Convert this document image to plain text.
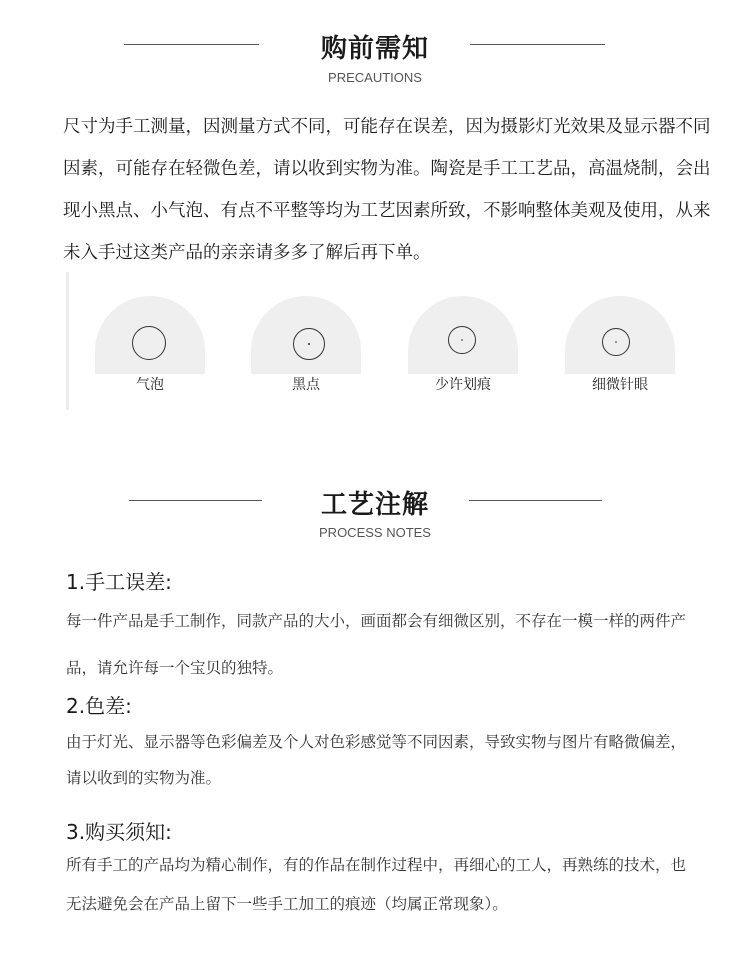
购前需知
PRECAUTIONS

尺寸为手工测量，因测量方式不同，可能存在误差，因为摄影灯光效果及显示器不同因素，可能存在轻微色差，请以收到实物为准。陶瓷是手工工艺品，高温烧制，会出现小黑点、小气泡、有点不平整等均为工艺因素所致，不影响整体美观及使用，从来未入手过这类产品的亲亲请多多了解后再下单。

气泡	黑点	少许划痕	细微针眼
工艺注解
PROCESS NOTES
1.手工误差:

每一件产品是手工制作，同款产品的大小，画面都会有细微区别，不存在一模一样的两件产品，请允许每一个宝贝的独特。

2.色差:

由于灯光、显示器等色彩偏差及个人对色彩感觉等不同因素，导致实物与图片有略微偏差，请以收到的实物为准。

3.购买须知:

所有手工的产品均为精心制作，有的作品在制作过程中，再细心的工人，再熟练的技术，也无法避免会在产品上留下一些手工加工的痕迹（均属正常现象）。
